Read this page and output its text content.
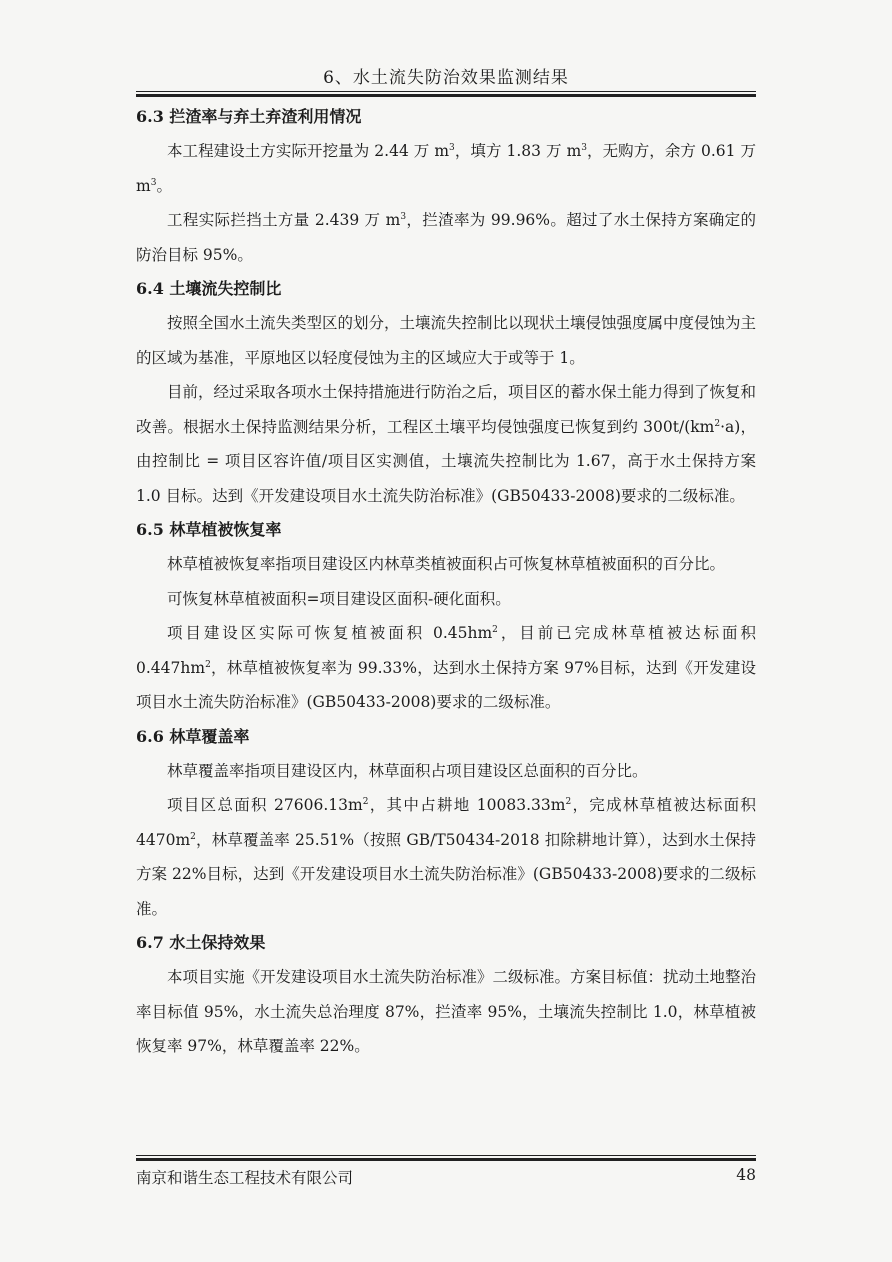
6、水土流失防治效果监测结果
6.3 拦渣率与弃土弃渣利用情况
本工程建设土方实际开挖量为 2.44 万 $m^3$，填方 1.83 万 $m^3$，无购方，余方 0.61 万 $m^3$。
工程实际拦挡土方量 2.439 万 $m^3$，拦渣率为 99.96%。超过了水土保持方案确定的防治目标 95%。
6.4 土壤流失控制比
按照全国水土流失类型区的划分，土壤流失控制比以现状土壤侵蚀强度属中度侵蚀为主的区域为基准，平原地区以轻度侵蚀为主的区域应大于或等于 1。
目前，经过采取各项水土保持措施进行防治之后，项目区的蓄水保土能力得到了恢复和改善。根据水土保持监测结果分析，工程区土壤平均侵蚀强度已恢复到约 $300t/(km^2\cdot a)$，由控制比 = 项目区容许值/项目区实测值，土壤流失控制比为 1.67，高于水土保持方案 1.0 目标。达到《开发建设项目水土流失防治标准》(GB50433-2008)要求的二级标准。
6.5 林草植被恢复率
林草植被恢复率指项目建设区内林草类植被面积占可恢复林草植被面积的百分比。
可恢复林草植被面积=项目建设区面积-硬化面积。
项目建设区实际可恢复植被面积 $0.45hm^2$，目前已完成林草植被达标面积 $0.447hm^2$，林草植被恢复率为 99.33%，达到水土保持方案 97%目标，达到《开发建设项目水土流失防治标准》(GB50433-2008)要求的二级标准。
6.6 林草覆盖率
林草覆盖率指项目建设区内，林草面积占项目建设区总面积的百分比。
项目区总面积 $27606.13m^2$，其中占耕地 $10083.33m^2$，完成林草植被达标面积 $4470m^2$，林草覆盖率 25.51%（按照 GB/T50434-2018 扣除耕地计算），达到水土保持方案 22%目标，达到《开发建设项目水土流失防治标准》(GB50433-2008)要求的二级标准。
6.7 水土保持效果
本项目实施《开发建设项目水土流失防治标准》二级标准。方案目标值：扰动土地整治率目标值 95%，水土流失总治理度 87%，拦渣率 95%，土壤流失控制比 1.0，林草植被恢复率 97%，林草覆盖率 22%。
南京和谐生态工程技术有限公司	48
